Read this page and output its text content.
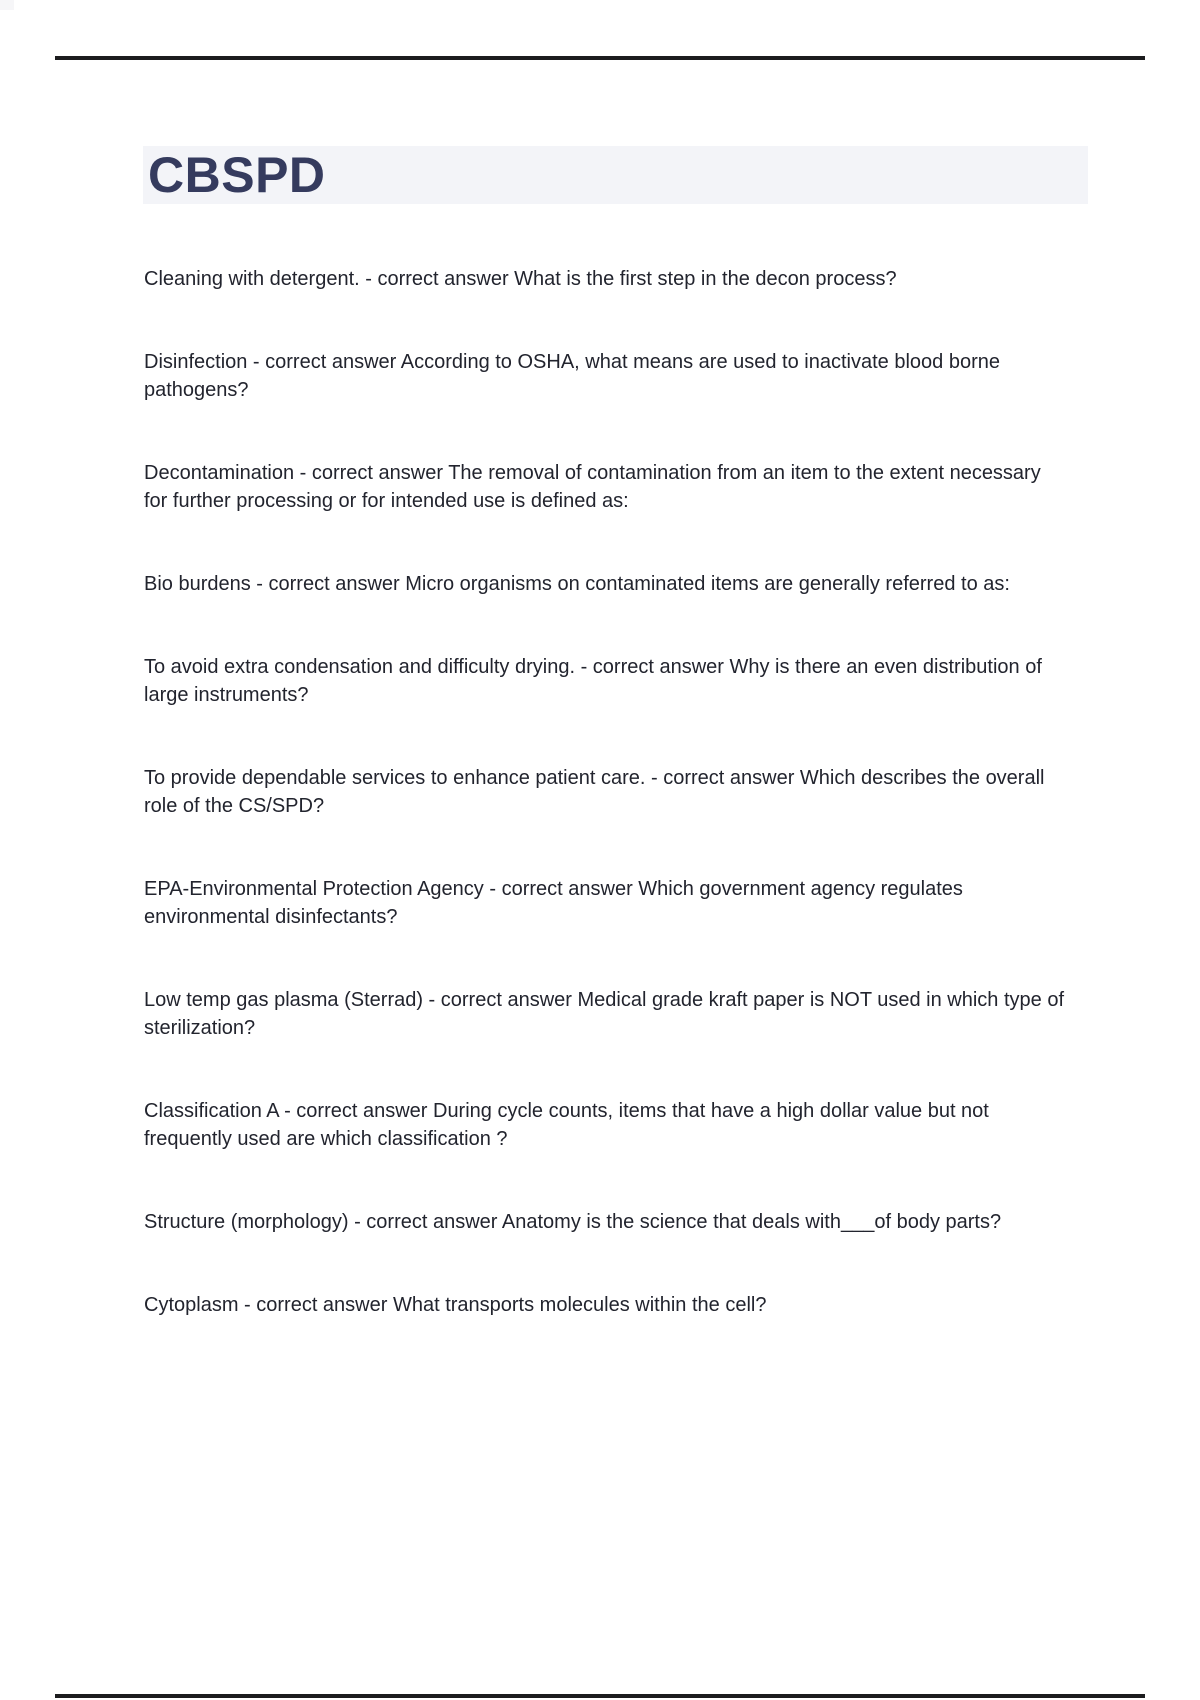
CBSPD

Cleaning with detergent. - correct answer What is the first step in the decon process?

Disinfection - correct answer According to OSHA, what means are used to inactivate blood borne pathogens?

Decontamination - correct answer The removal of contamination from an item to the extent necessary for further processing or for intended use is defined as:

Bio burdens - correct answer Micro organisms on contaminated items are generally referred to as:

To avoid extra condensation and difficulty drying. - correct answer Why is there an even distribution of large instruments?

To provide dependable services to enhance patient care. - correct answer Which describes the overall role of the CS/SPD?

EPA-Environmental Protection Agency - correct answer Which government agency regulates environmental disinfectants?

Low temp gas plasma (Sterrad) - correct answer Medical grade kraft paper is NOT used in which type of sterilization?

Classification A - correct answer During cycle counts, items that have a high dollar value but not frequently used are which classification ?

Structure (morphology) - correct answer Anatomy is the science that deals with___of body parts?

Cytoplasm - correct answer What transports molecules within the cell?
